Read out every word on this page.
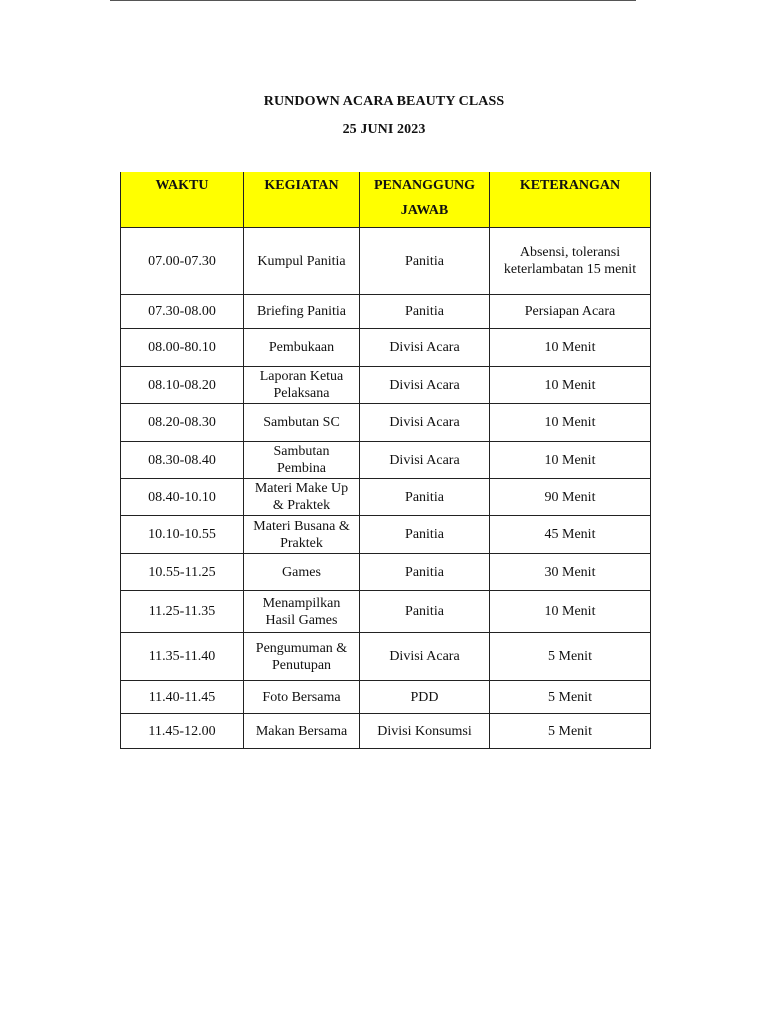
RUNDOWN ACARA BEAUTY CLASS
25 JUNI 2023
WAKTU	KEGIATAN	PENANGGUNG JAWAB	KETERANGAN
07.00-07.30	Kumpul Panitia	Panitia	Absensi, toleransi keterlambatan 15 menit
07.30-08.00	Briefing Panitia	Panitia	Persiapan Acara
08.00-80.10	Pembukaan	Divisi Acara	10 Menit
08.10-08.20	Laporan Ketua Pelaksana	Divisi Acara	10 Menit
08.20-08.30	Sambutan SC	Divisi Acara	10 Menit
08.30-08.40	Sambutan Pembina	Divisi Acara	10 Menit
08.40-10.10	Materi Make Up & Praktek	Panitia	90 Menit
10.10-10.55	Materi Busana & Praktek	Panitia	45 Menit
10.55-11.25	Games	Panitia	30 Menit
11.25-11.35	Menampilkan Hasil Games	Panitia	10 Menit
11.35-11.40	Pengumuman & Penutupan	Divisi Acara	5 Menit
11.40-11.45	Foto Bersama	PDD	5 Menit
11.45-12.00	Makan Bersama	Divisi Konsumsi	5 Menit
